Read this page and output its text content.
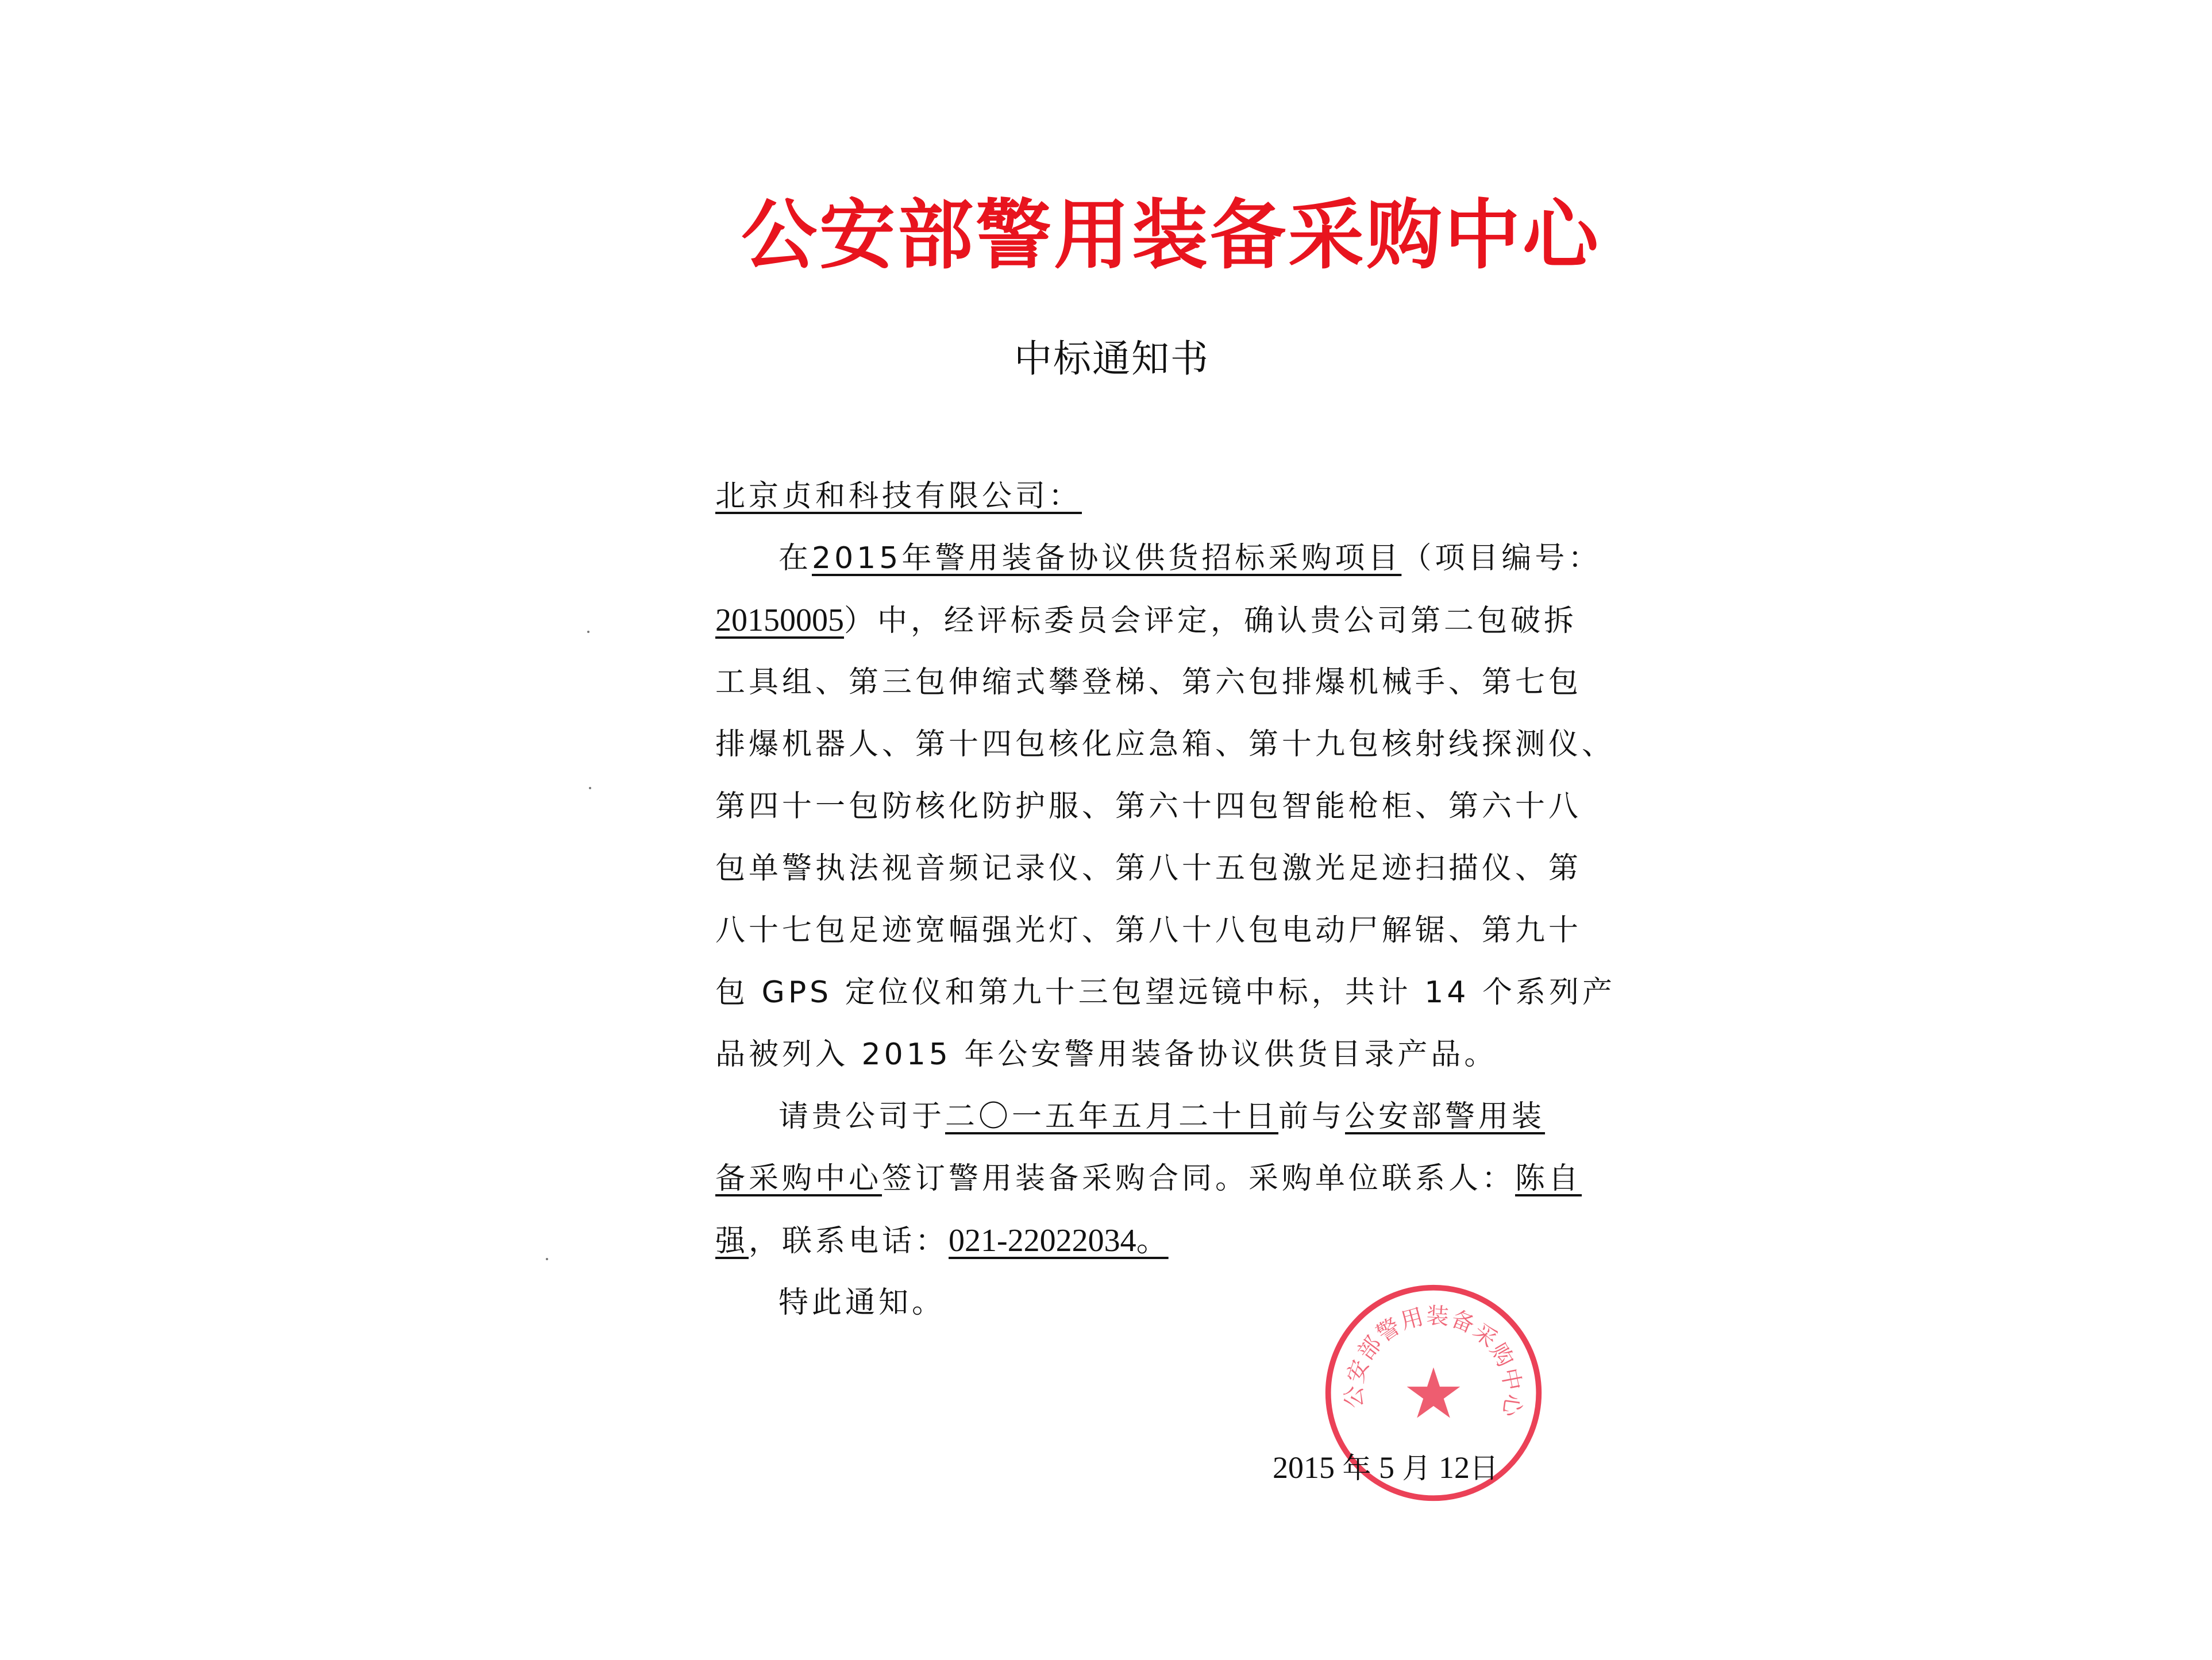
公安部警用装备采购中心
中标通知书
北京贞和科技有限公司：
在2015年警用装备协议供货招标采购项目（项目编号：
20150005）中，经评标委员会评定，确认贵公司第二包破拆
工具组、第三包伸缩式攀登梯、第六包排爆机械手、第七包
排爆机器人、第十四包核化应急箱、第十九包核射线探测仪、
第四十一包防核化防护服、第六十四包智能枪柜、第六十八
包单警执法视音频记录仪、第八十五包激光足迹扫描仪、第
八十七包足迹宽幅强光灯、第八十八包电动尸解锯、第九十
包 GPS 定位仪和第九十三包望远镜中标，共计 14 个系列产
品被列入 2015 年公安警用装备协议供货目录产品。
请贵公司于二〇一五年五月二十日前与公安部警用装
备采购中心签订警用装备采购合同。采购单位联系人：陈自
强，联系电话：021-22022034。
特此通知。
公安部警用装备采购中心
★
2015 年 5 月 12日
